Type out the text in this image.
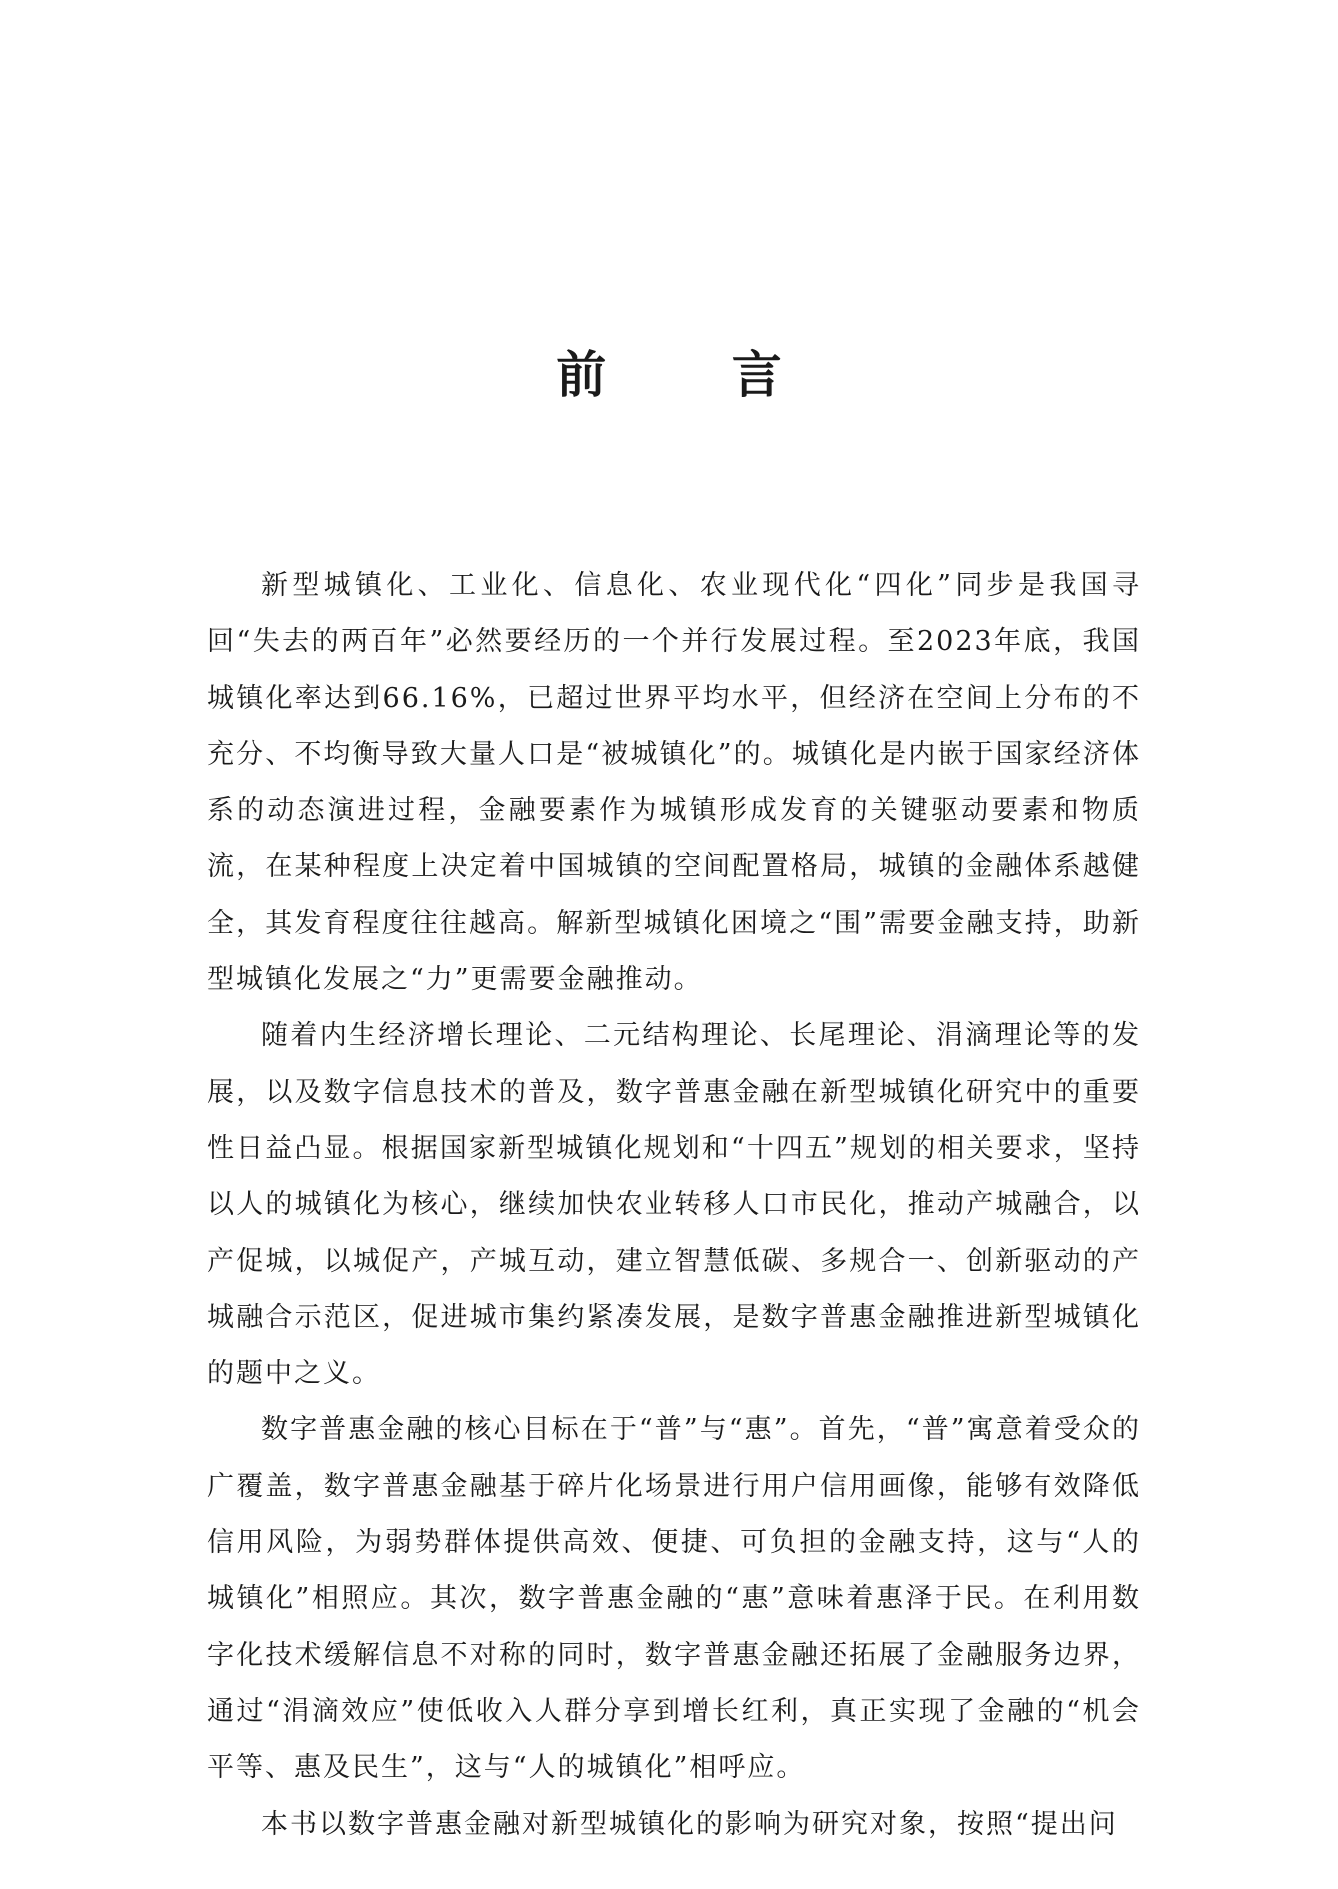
前 言

新型城镇化、工业化、信息化、农业现代化“四化”同步是我国寻回“失去的两百年”必然要经历的一个并行发展过程。至2023年底，我国城镇化率达到66.16%，已超过世界平均水平，但经济在空间上分布的不充分、不均衡导致大量人口是“被城镇化”的。城镇化是内嵌于国家经济体系的动态演进过程，金融要素作为城镇形成发育的关键驱动要素和物质流，在某种程度上决定着中国城镇的空间配置格局，城镇的金融体系越健全，其发育程度往往越高。解新型城镇化困境之“围”需要金融支持，助新型城镇化发展之“力”更需要金融推动。

随着内生经济增长理论、二元结构理论、长尾理论、涓滴理论等的发展，以及数字信息技术的普及，数字普惠金融在新型城镇化研究中的重要性日益凸显。根据国家新型城镇化规划和“十四五”规划的相关要求，坚持以人的城镇化为核心，继续加快农业转移人口市民化，推动产城融合，以产促城，以城促产，产城互动，建立智慧低碳、多规合一、创新驱动的产城融合示范区，促进城市集约紧凑发展，是数字普惠金融推进新型城镇化的题中之义。

数字普惠金融的核心目标在于“普”与“惠”。首先，“普”寓意着受众的广覆盖，数字普惠金融基于碎片化场景进行用户信用画像，能够有效降低信用风险，为弱势群体提供高效、便捷、可负担的金融支持，这与“人的城镇化”相照应。其次，数字普惠金融的“惠”意味着惠泽于民。在利用数字化技术缓解信息不对称的同时，数字普惠金融还拓展了金融服务边界，通过“涓滴效应”使低收入人群分享到增长红利，真正实现了金融的“机会平等、惠及民生”，这与“人的城镇化”相呼应。

本书以数字普惠金融对新型城镇化的影响为研究对象，按照“提出问
